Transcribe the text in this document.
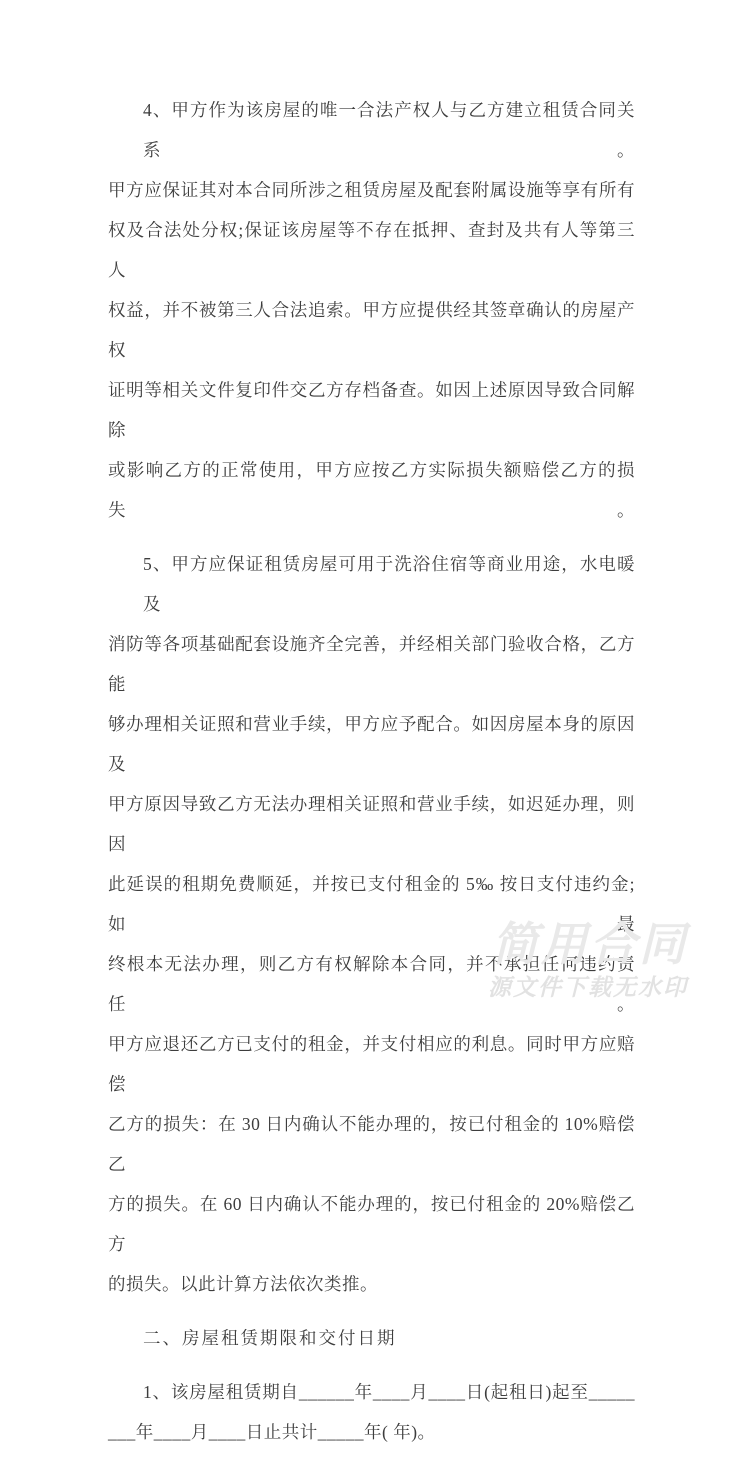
4、甲方作为该房屋的唯一合法产权人与乙方建立租赁合同关系。
甲方应保证其对本合同所涉之租赁房屋及配套附属设施等享有所有
权及合法处分权;保证该房屋等不存在抵押、查封及共有人等第三人
权益，并不被第三人合法追索。甲方应提供经其签章确认的房屋产权
证明等相关文件复印件交乙方存档备查。如因上述原因导致合同解除
或影响乙方的正常使用，甲方应按乙方实际损失额赔偿乙方的损失。
5、甲方应保证租赁房屋可用于洗浴住宿等商业用途，水电暖及
消防等各项基础配套设施齐全完善，并经相关部门验收合格，乙方能
够办理相关证照和营业手续，甲方应予配合。如因房屋本身的原因及
甲方原因导致乙方无法办理相关证照和营业手续，如迟延办理，则因
此延误的租期免费顺延，并按已支付租金的 5‰ 按日支付违约金;如最
终根本无法办理，则乙方有权解除本合同，并不承担任何违约责任。
甲方应退还乙方已支付的租金，并支付相应的利息。同时甲方应赔偿
乙方的损失：在 30 日内确认不能办理的，按已付租金的 10%赔偿乙
方的损失。在 60 日内确认不能办理的，按已付租金的 20%赔偿乙方
的损失。以此计算方法依次类推。
二、房屋租赁期限和交付日期
1、该房屋租赁期自______年____月____日(起租日)起至_____
___年____月____日止共计_____年( 年)。
简用合同
源文件下载无水印
